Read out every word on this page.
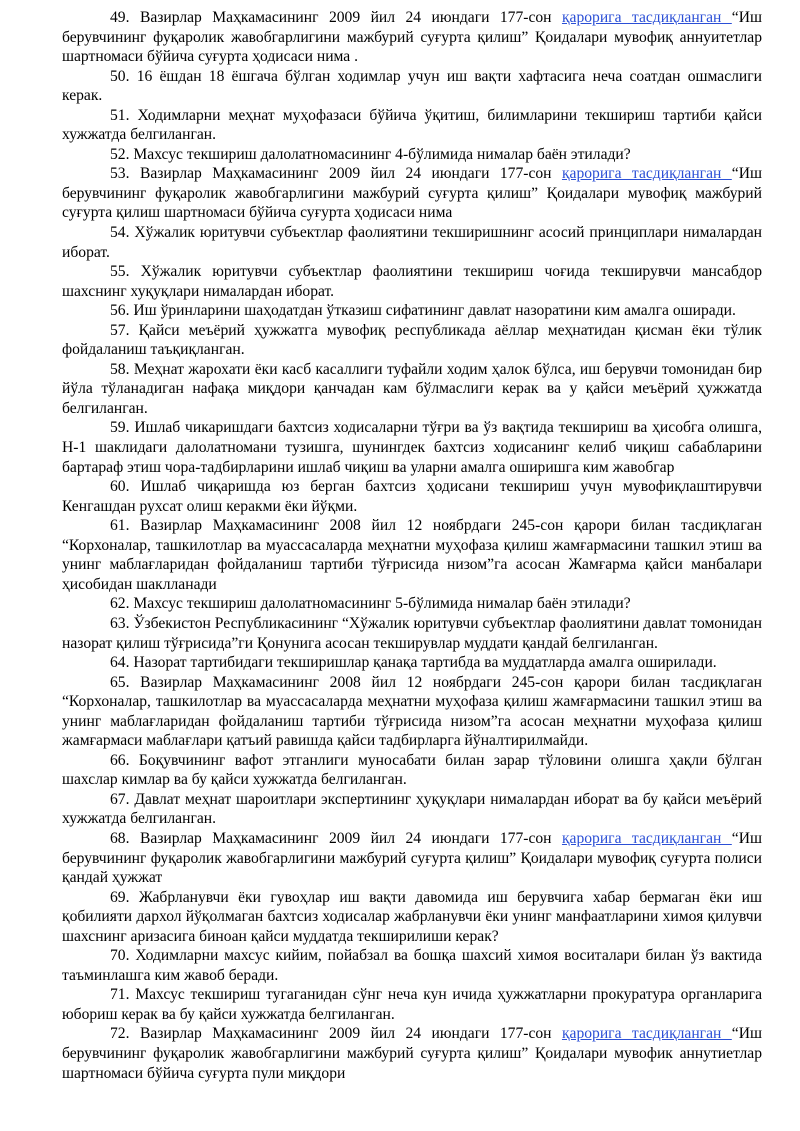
49. Вазирлар Маҳкамасининг 2009 йил 24 июндаги 177-сон қарорига тасдиқланган “Иш берувчининг фуқаролик жавобгарлигини мажбурий суғурта қилиш” Қоидалари мувофиқ аннуитетлар шартномаси бўйича суғурта ҳодисаси нима .

50. 16 ёшдан 18 ёшгача бўлган ходимлар учун иш вақти хафтасига неча соатдан ошмаслиги керак.

51. Ходимларни меҳнат муҳофазаси бўйича ўқитиш, билимларини текшириш тартиби қайси хужжатда белгиланган.

52. Махсус текшириш далолатномасининг 4-бўлимида нималар баён этилади?

53. Вазирлар Маҳкамасининг 2009 йил 24 июндаги 177-сон қарорига тасдиқланган “Иш берувчининг фуқаролик жавобгарлигини мажбурий суғурта қилиш” Қоидалари мувофиқ мажбурий суғурта қилиш шартномаси бўйича суғурта ҳодисаси нима

54. Хўжалик юритувчи субъектлар фаолиятини текширишнинг асосий принциплари нималардан иборат.

55. Хўжалик юритувчи субъектлар фаолиятини текшириш чоғида текширувчи мансабдор шахснинг хуқуқлари нималардан иборат.

56. Иш ўринларини шаҳодатдан ўтказиш сифатининг давлат назоратини ким амалга оширади.

57. Қайси меъёрий ҳужжатга мувофиқ республикада аёллар меҳнатидан қисман ёки тўлик фойдаланиш таъқиқланган.

58. Меҳнат жарохати ёки касб касаллиги туфайли ходим ҳалок бўлса, иш берувчи томонидан бир йўла тўланадиган нафақа миқдори қанчадан кам бўлмаслиги керак ва у қайси меъёрий ҳужжатда белгиланган.

59. Ишлаб чикаришдаги бахтсиз ходисаларни тўғри ва ўз вақтида текшириш ва ҳисобга олишга, Н-1 шаклидаги далолатномани тузишга, шунингдек бахтсиз ходисанинг келиб чиқиш сабабларини бартараф этиш чора-тадбирларини ишлаб чиқиш ва уларни амалга оширишга ким жавобгар

60. Ишлаб чиқаришда юз берган бахтсиз ҳодисани текшириш учун мувофиқлаштирувчи Кенгашдан рухсат олиш керакми ёки йўқми.

61. Вазирлар Маҳкамасининг 2008 йил 12 ноябрдаги 245-сон қарори билан тасдиқлаган “Корхоналар, ташкилотлар ва муассасаларда меҳнатни муҳофаза қилиш жамғармасини ташкил этиш ва унинг маблағларидан фойдаланиш тартиби тўғрисида низом”га асосан Жамғарма қайси манбалари ҳисобидан шаклланади

62. Махсус текшириш далолатномасининг 5-бўлимида нималар баён этилади?

63. Ўзбекистон Республикасининг “Хўжалик юритувчи субъектлар фаолиятини давлат томонидан назорат қилиш тўғрисида”ги Қонунига асосан текширувлар муддати қандай белгиланган.

64. Назорат тартибидаги текширишлар қанақа тартибда ва муддатларда амалга оширилади.

65. Вазирлар Маҳкамасининг 2008 йил 12 ноябрдаги 245-сон қарори билан тасдиқлаган “Корхоналар, ташкилотлар ва муассасаларда меҳнатни муҳофаза қилиш жамғармасини ташкил этиш ва унинг маблағларидан фойдаланиш тартиби тўғрисида низом”га асосан меҳнатни муҳофаза қилиш жамғармаси маблағлари қатъий равишда қайси тадбирларга йўналтирилмайди.

66. Боқувчининг вафот этганлиги муносабати билан зарар тўловини олишга ҳақли бўлган шахслар кимлар ва бу қайси хужжатда белгиланган.

67. Давлат меҳнат шароитлари экспертининг ҳуқуқлари нималардан иборат ва бу қайси меъёрий хужжатда белгиланган.

68. Вазирлар Маҳкамасининг 2009 йил 24 июндаги 177-сон қарорига тасдиқланган “Иш берувчининг фуқаролик жавобгарлигини мажбурий суғурта қилиш” Қоидалари мувофиқ суғурта полиси қандай ҳужжат

69. Жабрланувчи ёки гувоҳлар иш вақти давомида иш берувчига хабар бермаган ёки иш қобилияти дархол йўқолмаган бахтсиз ходисалар жабрланувчи ёки унинг манфаатларини химоя қилувчи шахснинг аризасига биноан қайси муддатда текширилиши керак?

70. Ходимларни махсус кийим, пойабзал ва бошқа шахсий химоя воситалари билан ўз вактида таъминлашга ким жавоб беради.

71. Махсус текшириш тугаганидан сўнг неча кун ичида ҳужжатларни прокуратура органларига юбориш керак ва бу қайси хужжатда белгиланган.

72. Вазирлар Маҳкамасининг 2009 йил 24 июндаги 177-сон қарорига тасдиқланган “Иш берувчининг фуқаролик жавобгарлигини мажбурий суғурта қилиш” Қоидалари мувофик аннутиетлар шартномаси бўйича суғурта пули миқдори
